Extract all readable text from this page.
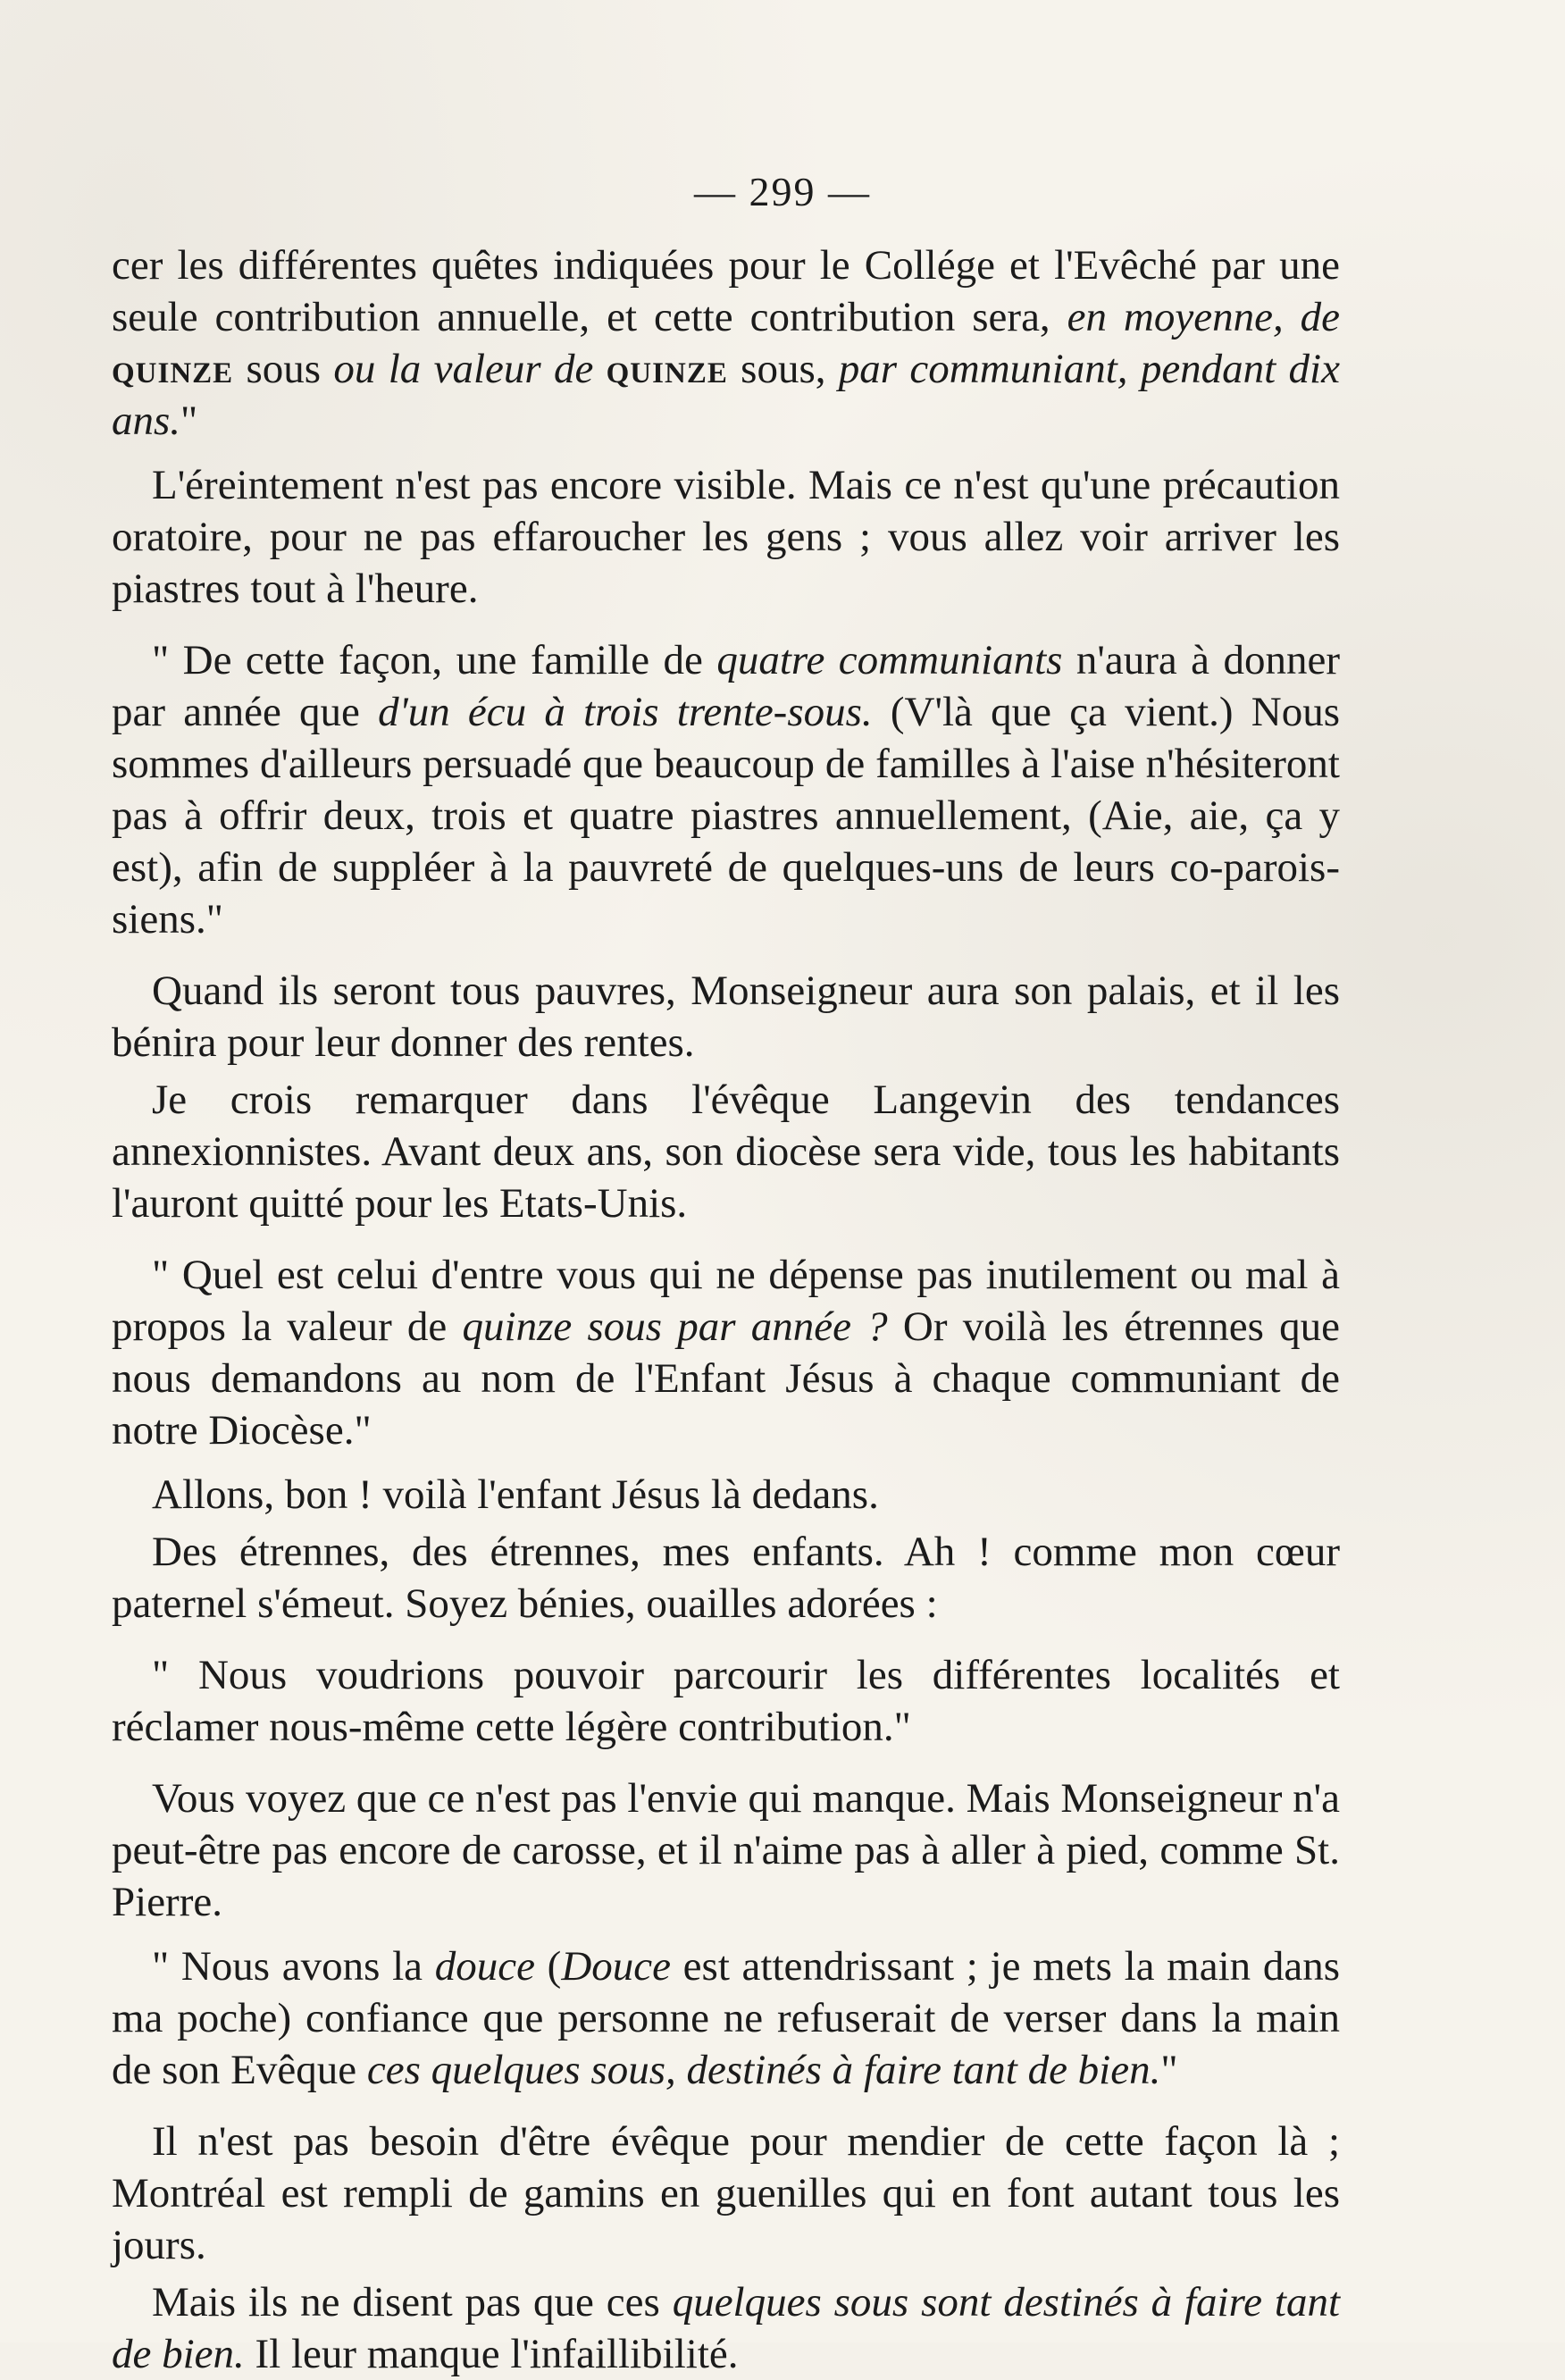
— 299 —

cer les différentes quêtes indiquées pour le Collége et l'Evêché par une seule contribution annuelle, et cette contribution sera, en moyenne, de quinze sous ou la valeur de quinze sous, par communiant, pendant dix ans."

L'éreintement n'est pas encore visible. Mais ce n'est qu'une précaution oratoire, pour ne pas effaroucher les gens ; vous allez voir arriver les piastres tout à l'heure.

" De cette façon, une famille de quatre communiants n'aura à donner par année que d'un écu à trois trente-sous. (V'là que ça vient.) Nous sommes d'ailleurs persuadé que beaucoup de familles à l'aise n'hésiteront pas à offrir deux, trois et quatre piastres annuellement, (Aie, aie, ça y est), afin de suppléer à la pauvreté de quelques-uns de leurs co-paroissiens."

Quand ils seront tous pauvres, Monseigneur aura son palais, et il les bénira pour leur donner des rentes.

Je crois remarquer dans l'évêque Langevin des tendances annexionnistes. Avant deux ans, son diocèse sera vide, tous les habitants l'auront quitté pour les Etats-Unis.

" Quel est celui d'entre vous qui ne dépense pas inutilement ou mal à propos la valeur de quinze sous par année ? Or voilà les étrennes que nous demandons au nom de l'Enfant Jésus à chaque communiant de notre Diocèse."

Allons, bon ! voilà l'enfant Jésus là dedans.

Des étrennes, des étrennes, mes enfants. Ah ! comme mon cœur paternel s'émeut. Soyez bénies, ouailles adorées :

" Nous voudrions pouvoir parcourir les différentes localités et réclamer nous-même cette légère contribution."

Vous voyez que ce n'est pas l'envie qui manque. Mais Monseigneur n'a peut-être pas encore de carosse, et il n'aime pas à aller à pied, comme St. Pierre.

" Nous avons la douce (Douce est attendrissant ; je mets la main dans ma poche) confiance que personne ne refuserait de verser dans la main de son Evêque ces quelques sous, destinés à faire tant de bien."

Il n'est pas besoin d'être évêque pour mendier de cette façon là ; Montréal est rempli de gamins en guenilles qui en font autant tous les jours.

Mais ils ne disent pas que ces quelques sous sont destinés à faire tant de bien. Il leur manque l'infaillibilité.
